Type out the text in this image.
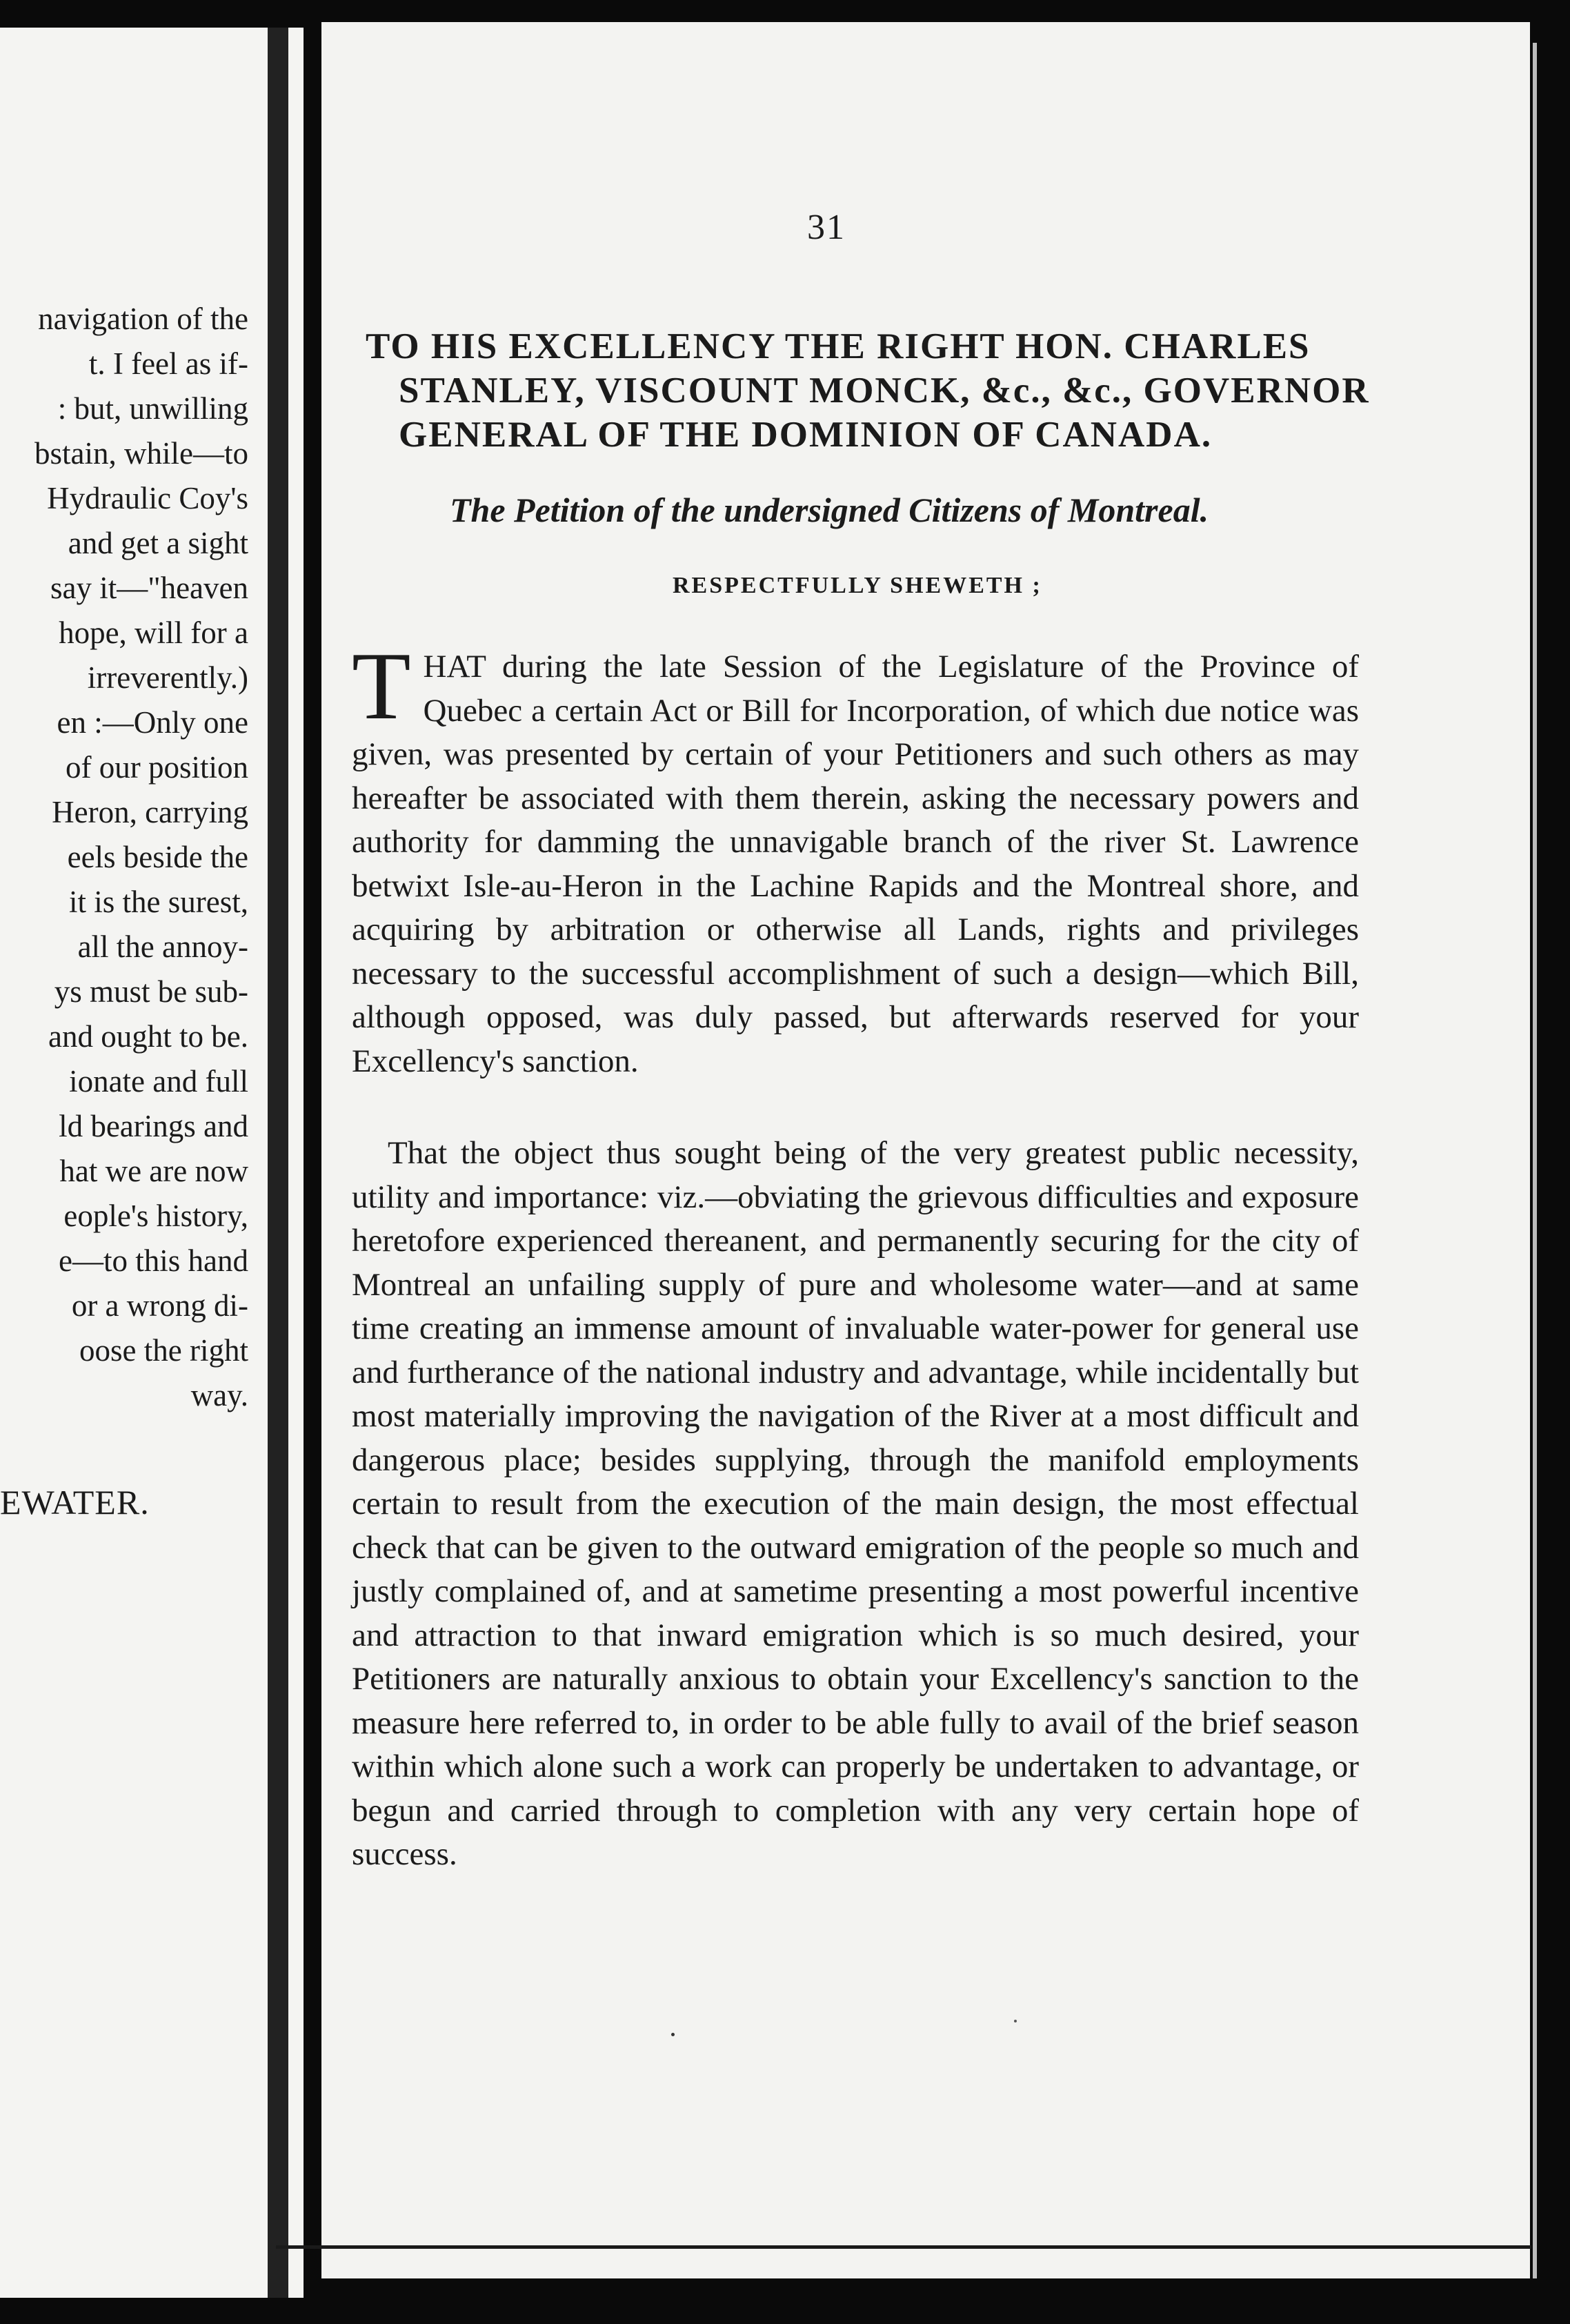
navigation of the
t. I feel as if-
: but, unwilling
bstain, while—to
Hydraulic Coy's
and get a sight
say it—"heaven
hope, will for a
irreverently.)
en :—Only one
of our position
Heron, carrying
eels beside the
it is the surest,
all the annoy-
ys must be sub-
and ought to be.
ionate and full
ld bearings and
hat we are now
eople's history,
e—to this hand
or a wrong di-
oose the right
way.
EWATER.
31
TO HIS EXCELLENCY THE RIGHT HON. CHARLES
STANLEY, VISCOUNT MONCK, &c., &c., GOVERNOR
GENERAL OF THE DOMINION OF CANADA.
The Petition of the undersigned Citizens of Montreal.
RESPECTFULLY SHEWETH ;
THAT during the late Session of the Legislature of the Province of Quebec a certain Act or Bill for Incorporation, of which due notice was given, was presented by certain of your Petitioners and such others as may hereafter be associated with them therein, asking the necessary powers and authority for damming the unnavigable branch of the river St. Lawrence betwixt Isle-au-Heron in the Lachine Rapids and the Montreal shore, and acquiring by arbitration or otherwise all Lands, rights and privileges necessary to the successful accomplishment of such a design—which Bill, although opposed, was duly passed, but afterwards reserved for your Excellency's sanction.
That the object thus sought being of the very greatest public necessity, utility and importance: viz.—obviating the grievous difficulties and exposure heretofore experienced thereanent, and permanently securing for the city of Montreal an unfailing supply of pure and wholesome water—and at same time creating an immense amount of invaluable water-power for general use and furtherance of the national industry and advantage, while incidentally but most materially improving the navigation of the River at a most difficult and dangerous place; besides supplying, through the manifold employments certain to result from the execution of the main design, the most effectual check that can be given to the outward emigration of the people so much and justly complained of, and at sametime presenting a most powerful incentive and attraction to that inward emigration which is so much desired, your Petitioners are naturally anxious to obtain your Excellency's sanction to the measure here referred to, in order to be able fully to avail of the brief season within which alone such a work can properly be undertaken to advantage, or begun and carried through to completion with any very certain hope of success.
